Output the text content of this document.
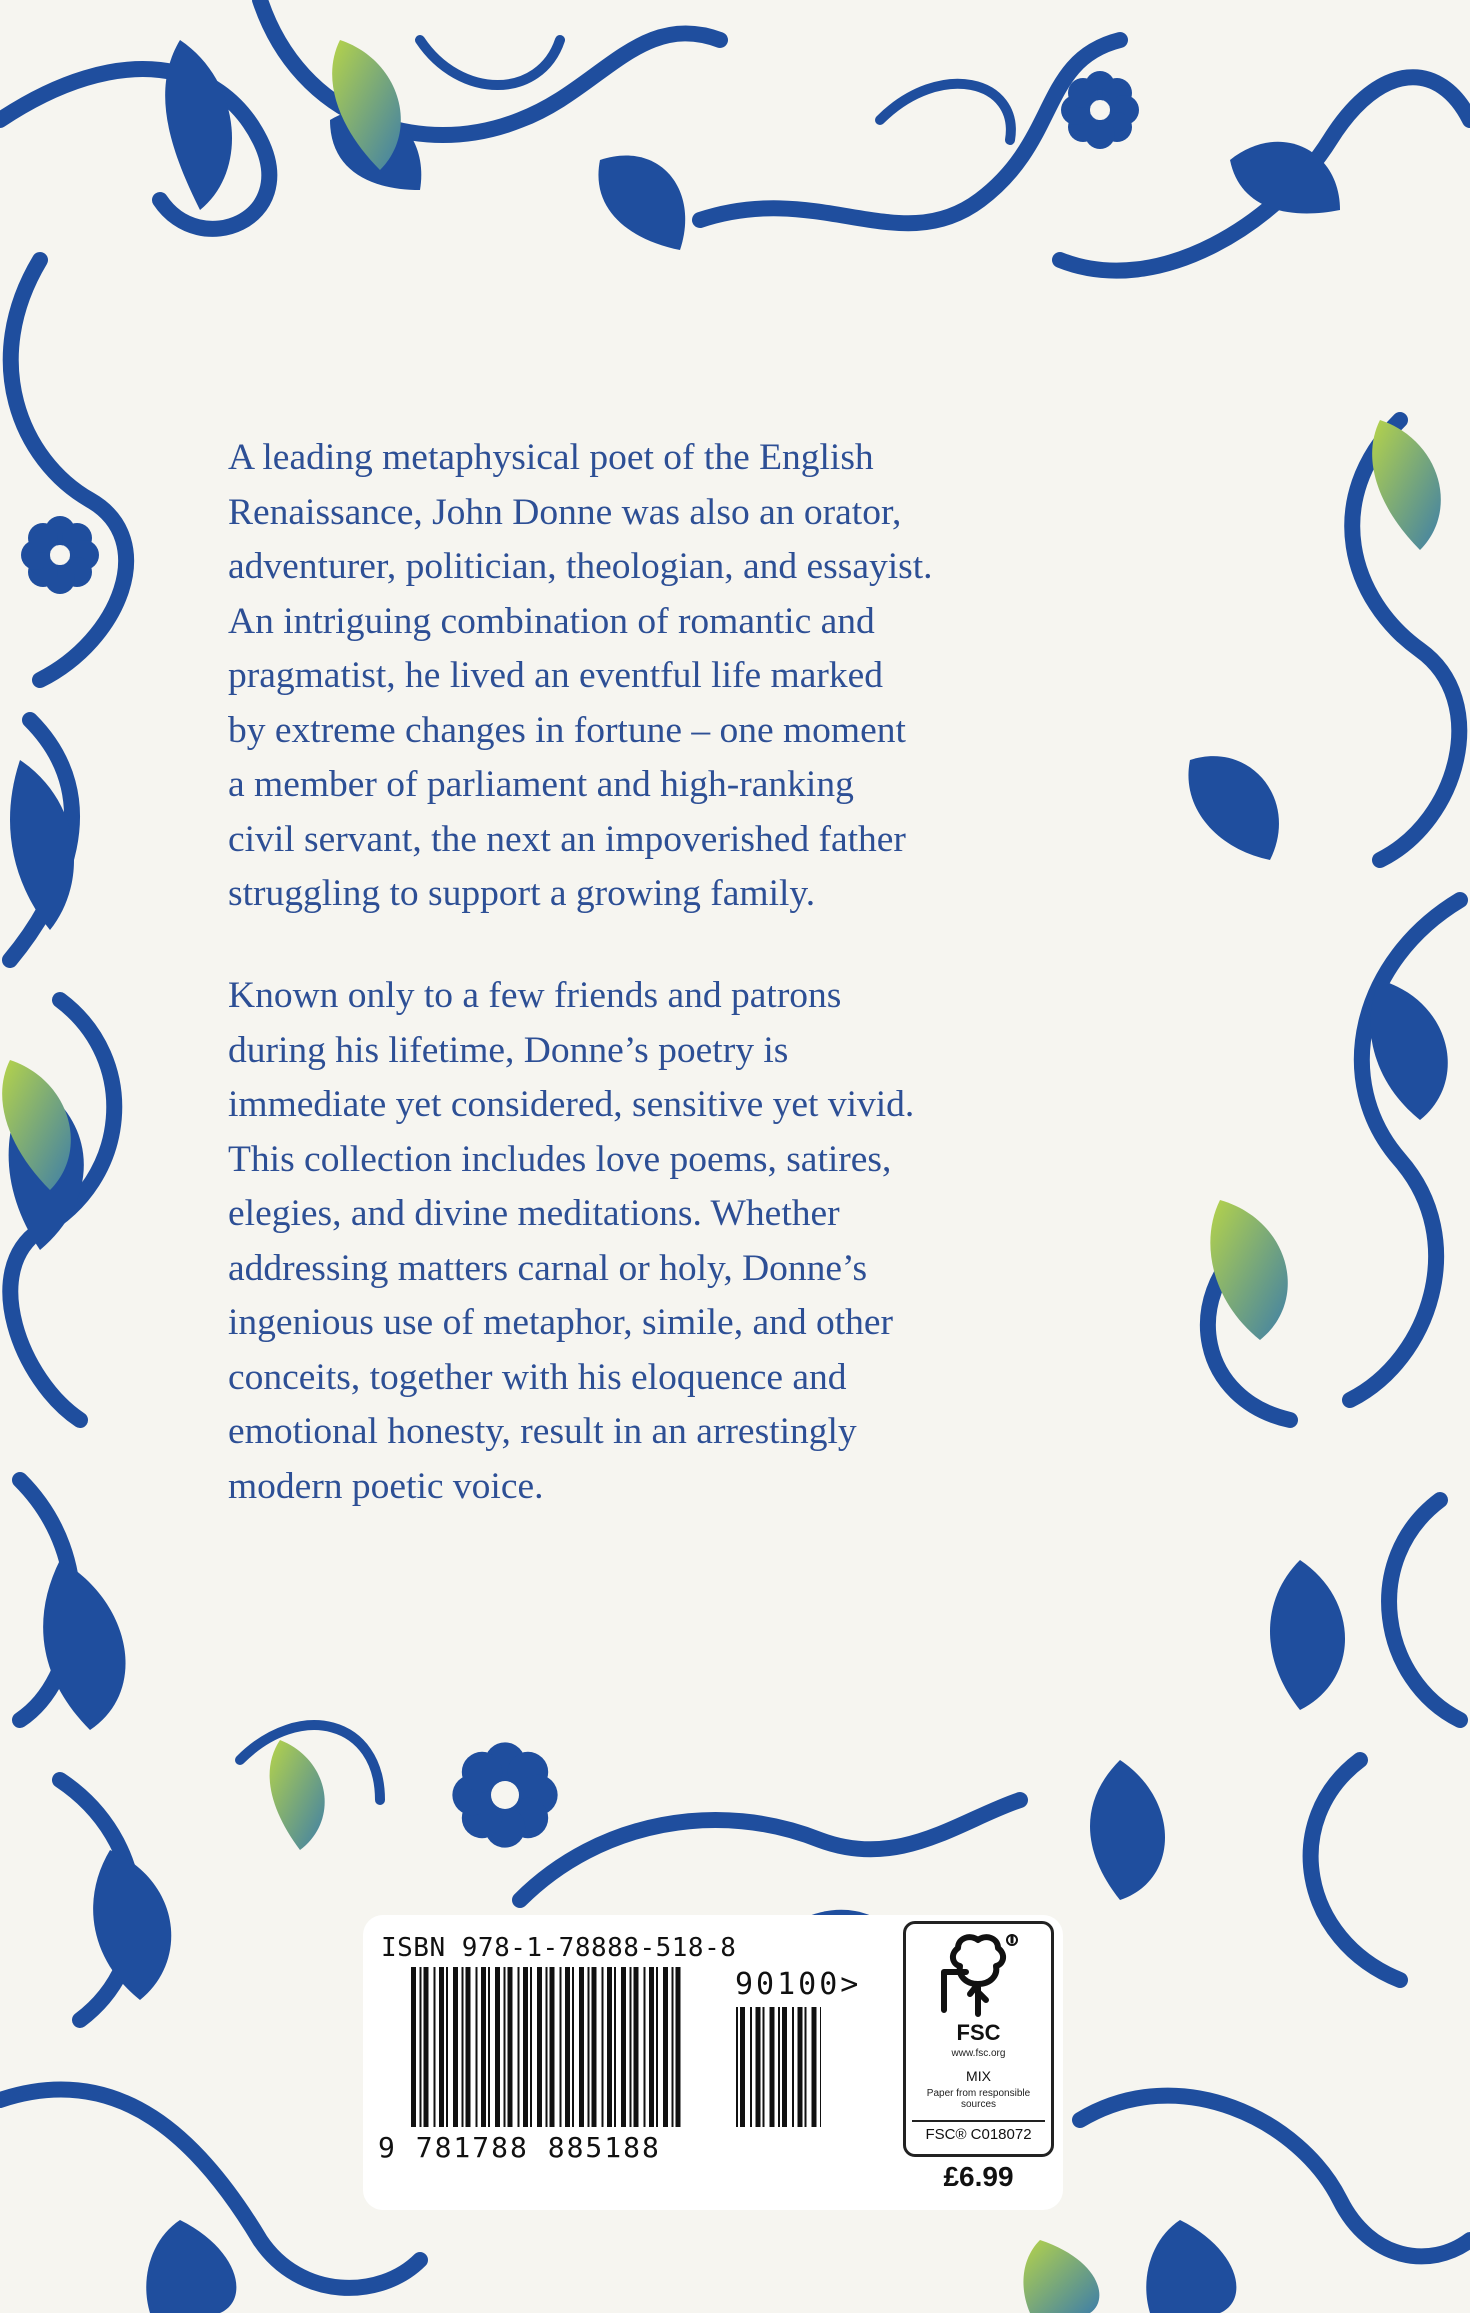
A leading metaphysical poet of the English
Renaissance, John Donne was also an orator,
adventurer, politician, theologian, and essayist.
An intriguing combination of romantic and
pragmatist, he lived an eventful life marked
by extreme changes in fortune – one moment
a member of parliament and high-ranking
civil servant, the next an impoverished father
struggling to support a growing family.
Known only to a few friends and patrons
during his lifetime, Donne’s poetry is
immediate yet considered, sensitive yet vivid.
This collection includes love poems, satires,
elegies, and divine meditations. Whether
addressing matters carnal or holy, Donne’s
ingenious use of metaphor, simile, and other
conceits, together with his eloquence and
emotional honesty, result in an arrestingly
modern poetic voice.
ISBN 978-1-78888-518-8
90100>
9 781788 885188
FSC
www.fsc.org
MIX
Paper from responsible sources
FSC® C018072
£6.99
